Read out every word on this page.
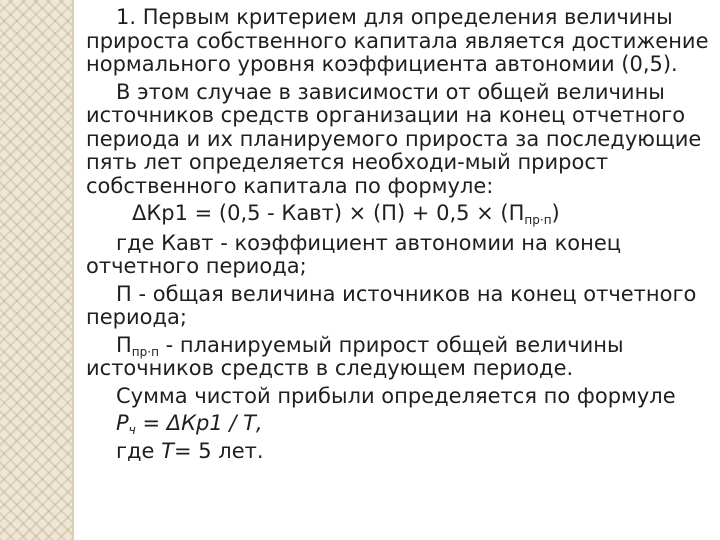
1. Первым критерием для определения величины прироста собственного капитала является достижение нормального уровня коэффициента автономии (0,5).

В этом случае в зависимости от общей величины источников средств организации на конец отчетного периода и их планируемого прироста за последующие пять лет определяется необходи-мый прирост собственного капитала по формуле:

ΔКр1 = (0,5 - Кавт) × $(П) + 0,5 \times (П_{пр\cdot п})$

где Кавт - коэффициент автономии на конец отчетного периода;

П - общая величина источников на конец отчетного периода;

$П_{пр\cdot п}$ - планируемый прирост общей величины источников средств в следующем периоде.

Сумма чистой прибыли определяется по формуле

$Р_ч = \Delta Кр1 / Т$,

где Т= 5 лет.
